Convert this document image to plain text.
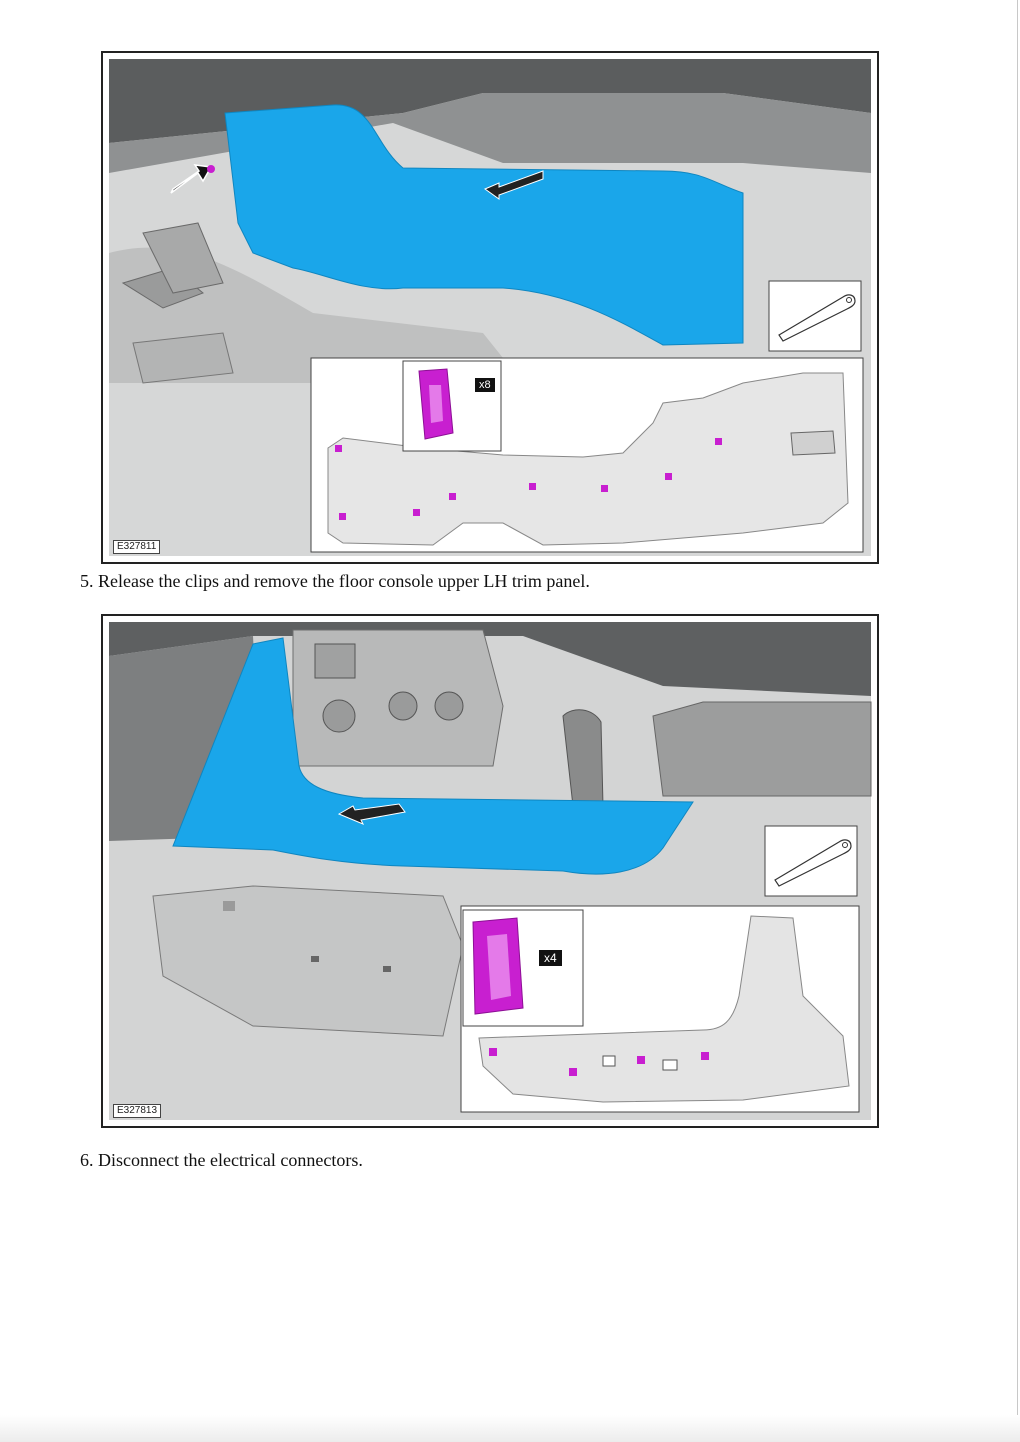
x8
E327811
5. Release the clips and remove the floor console upper LH trim panel.
x4
E327813
6. Disconnect the electrical connectors.
